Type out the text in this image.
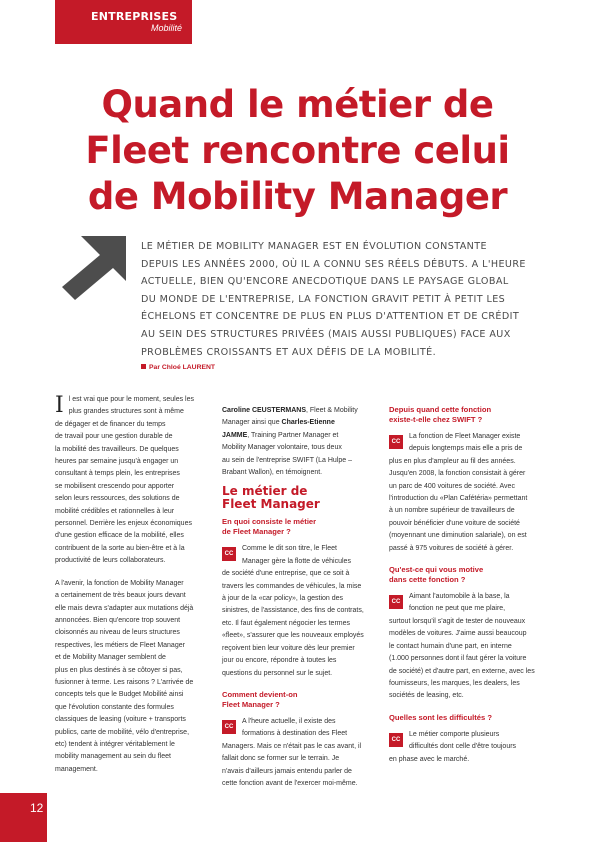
ENTREPRISES
Mobilité
Quand le métier de
Fleet rencontre celui
de Mobility Manager
LE MÉTIER DE MOBILITY MANAGER EST EN ÉVOLUTION CONSTANTE
DEPUIS LES ANNÉES 2000, OÙ IL A CONNU SES RÉELS DÉBUTS. A L'HEURE
ACTUELLE, BIEN QU'ENCORE ANECDOTIQUE DANS LE PAYSAGE GLOBAL
DU MONDE DE L'ENTREPRISE, LA FONCTION GRAVIT PETIT À PETIT LES
ÉCHELONS ET CONCENTRE DE PLUS EN PLUS D'ATTENTION ET DE CRÉDIT
AU SEIN DES STRUCTURES PRIVÉES (MAIS AUSSI PUBLIQUES) FACE AUX
PROBLÈMES CROISSANTS ET AUX DÉFIS DE LA MOBILITÉ.
Par Chloé LAURENT

I l est vrai que pour le moment, seules les
plus grandes structures sont à même
de dégager et de financer du temps
de travail pour une gestion durable de
la mobilité des travailleurs. De quelques
heures par semaine jusqu'à engager un
consultant à temps plein, les entreprises
se mobilisent crescendo pour apporter
selon leurs ressources, des solutions de
mobilité crédibles et rationnelles à leur
personnel. Derrière les enjeux économiques
d'une gestion efficace de la mobilité, elles
contribuent de la sorte au bien-être et à la
productivité de leurs collaborateurs.

A l'avenir, la fonction de Mobility Manager
a certainement de très beaux jours devant
elle mais devra s'adapter aux mutations déjà
annoncées. Bien qu'encore trop souvent
cloisonnés au niveau de leurs structures
respectives, les métiers de Fleet Manager
et de Mobility Manager semblent de
plus en plus destinés à se côtoyer si pas,
fusionner à terme. Les raisons ? L'arrivée de
concepts tels que le Budget Mobilité ainsi
que l'évolution constante des formules
classiques de leasing (voiture + transports
publics, carte de mobilité, vélo d'entreprise,
etc) tendent à intégrer véritablement le
mobility management au sein du fleet
management.

Caroline CEUSTERMANS, Fleet & Mobility
Manager ainsi que Charles-Etienne
JAMME, Training Partner Manager et
Mobility Manager volontaire, tous deux
au sein de l'entreprise SWIFT (La Hulpe –
Brabant Wallon), en témoignent.

Le métier de
Fleet Manager
En quoi consiste le métier
de Fleet Manager ?

CC
Comme le dit son titre, le Fleet
Manager gère la flotte de véhicules
de société d'une entreprise, que ce soit à
travers les commandes de véhicules, la mise
à jour de la «car policy», la gestion des
sinistres, de l'assistance, des fins de contrats,
etc. Il faut également négocier les termes
«fleet», s'assurer que les nouveaux employés
reçoivent bien leur voiture dès leur premier
jour ou encore, répondre à toutes les
questions du personnel sur le sujet.

Comment devient-on
Fleet Manager ?

CC
A l'heure actuelle, il existe des
formations à destination des Fleet
Managers. Mais ce n'était pas le cas avant, il
fallait donc se former sur le terrain. Je
n'avais d'ailleurs jamais entendu parler de
cette fonction avant de l'exercer moi-même.

Depuis quand cette fonction
existe-t-elle chez SWIFT ?

CC
La fonction de Fleet Manager existe
depuis longtemps mais elle a pris de
plus en plus d'ampleur au fil des années.
Jusqu'en 2008, la fonction consistait à gérer
un parc de 400 voitures de société. Avec
l'introduction du «Plan Cafétéria» permettant
à un nombre supérieur de travailleurs de
pouvoir bénéficier d'une voiture de société
(moyennant une diminution salariale), on est
passé à 975 voitures de société à gérer.

Qu'est-ce qui vous motive
dans cette fonction ?

CC
Aimant l'automobile à la base, la
fonction ne peut que me plaire,
surtout lorsqu'il s'agit de tester de nouveaux
modèles de voitures. J'aime aussi beaucoup
le contact humain d'une part, en interne
(1.000 personnes dont il faut gérer la voiture
de société) et d'autre part, en externe, avec les
fournisseurs, les marques, les dealers, les
sociétés de leasing, etc.

Quelles sont les difficultés ?

CC
Le métier comporte plusieurs
difficultés dont celle d'être toujours
en phase avec le marché.

12
